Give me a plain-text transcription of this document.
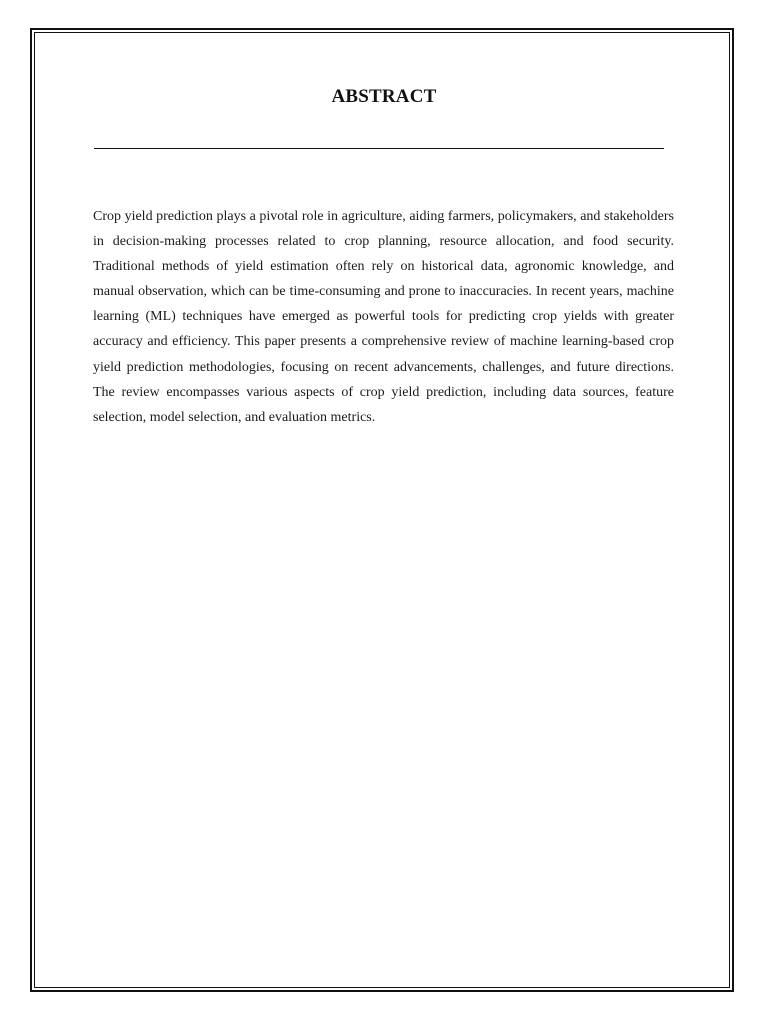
ABSTRACT

Crop yield prediction plays a pivotal role in agriculture, aiding farmers, policymakers, and stakeholders in decision-making processes related to crop planning, resource allocation, and food security. Traditional methods of yield estimation often rely on historical data, agronomic knowledge, and manual observation, which can be time-consuming and prone to inaccuracies. In recent years, machine learning (ML) techniques have emerged as powerful tools for predicting crop yields with greater accuracy and efficiency. This paper presents a comprehensive review of machine learning-based crop yield prediction methodologies, focusing on recent advancements, challenges, and future directions. The review encompasses various aspects of crop yield prediction, including data sources, feature selection, model selection, and evaluation metrics.
